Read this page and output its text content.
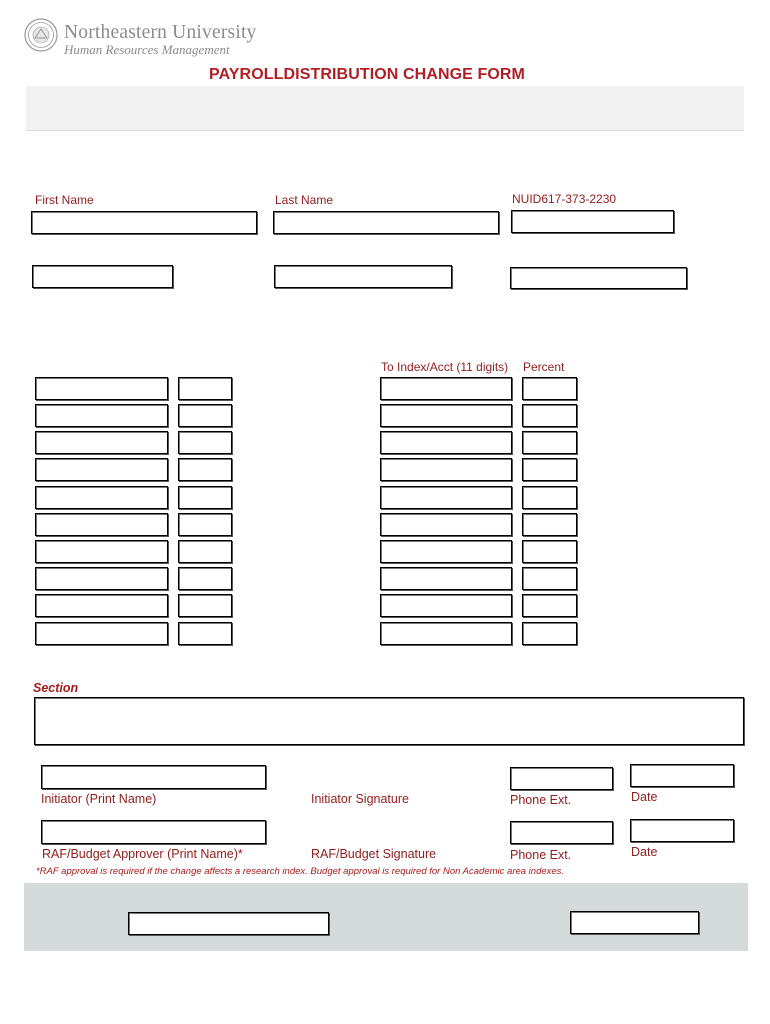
Northeastern University
Human Resources Management
PAYROLLDISTRIBUTION CHANGE FORM
First Name	Last Name	NUID617-373-2230
To Index/Acct (11 digits) Percent
Section
Initiator (Print Name)	Initiator Signature	Phone Ext.	Date
RAF/Budget Approver (Print Name)*	RAF/Budget Signature	Phone Ext.	Date
*RAF approval is required if the change affects a research index. Budget approval is required for Non Academic area indexes.
